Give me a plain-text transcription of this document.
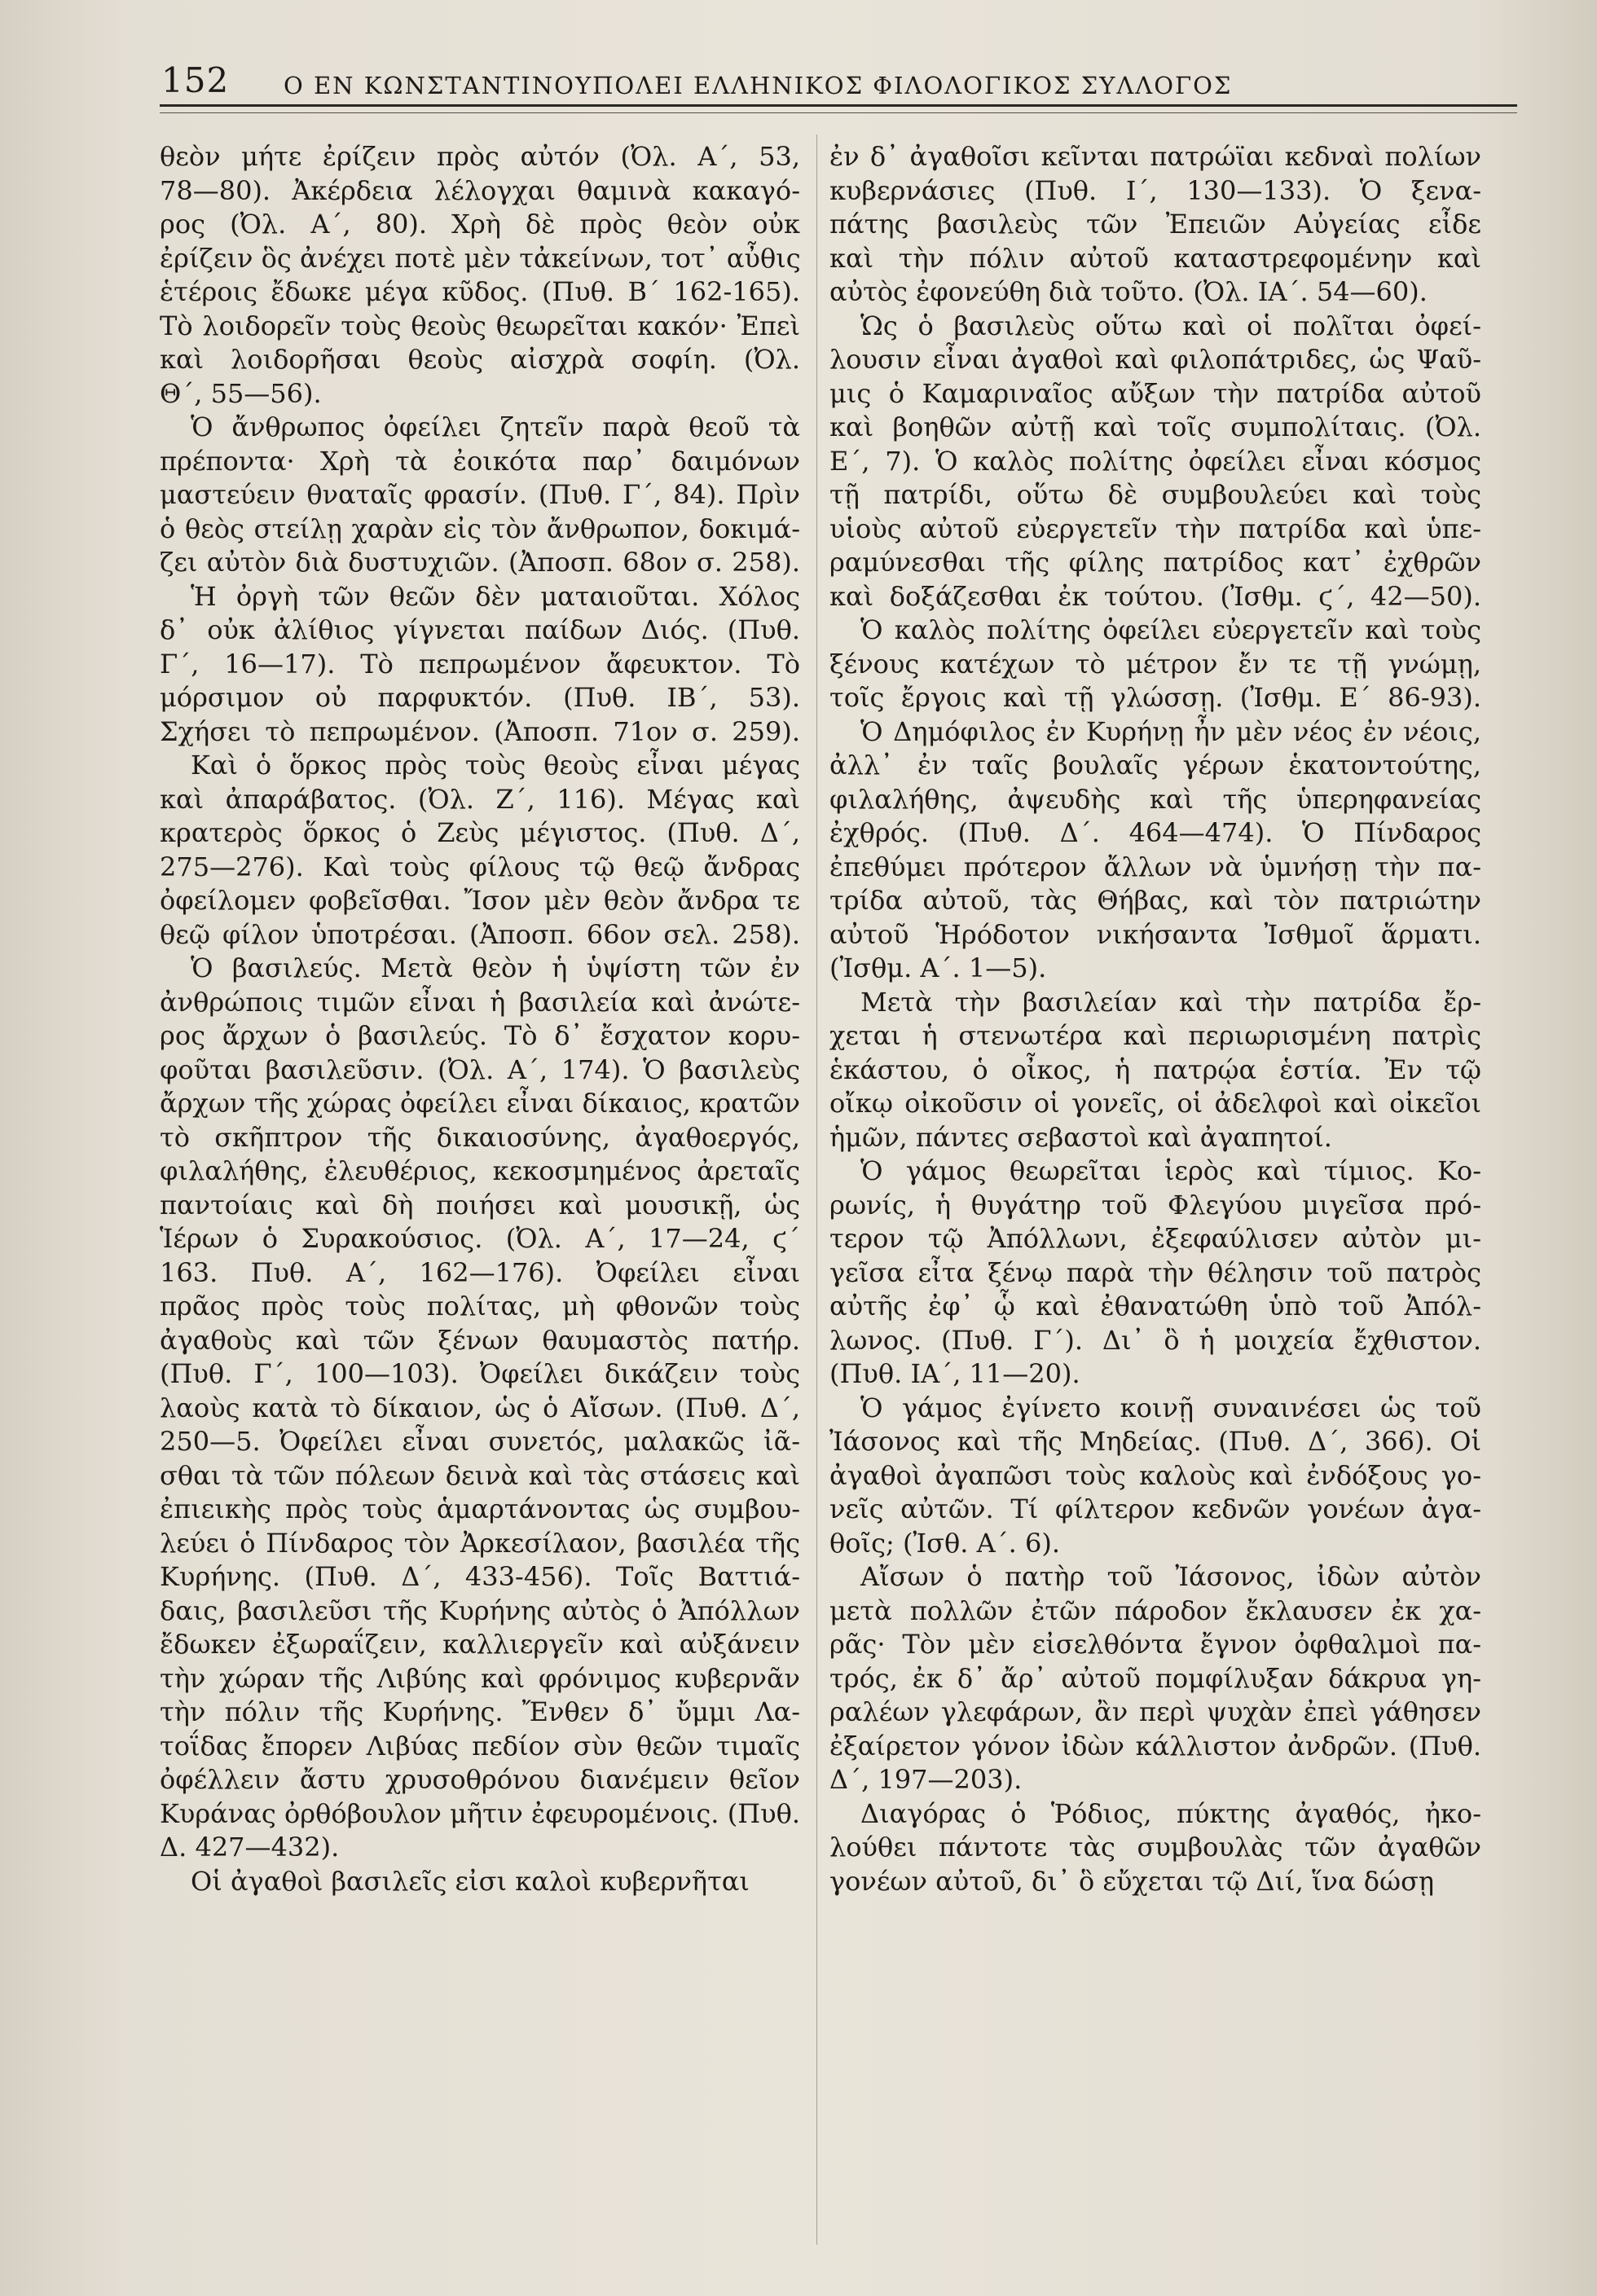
152 Ο ΕΝ ΚΩΝΣΤΑΝΤΙΝΟΥΠΟΛΕΙ ΕΛΛΗΝΙΚΟΣ ΦΙΛΟΛΟΓΙΚΟΣ ΣΥΛΛΟΓΟΣ
θεὸν μήτε ἐρίζειν πρὸς αὐτόν (Ὀλ. Α΄, 53,
78—80). Ἀκέρδεια λέλογχαι θαμινὰ κακαγό-
ρος (Ὀλ. Α΄, 80). Χρὴ δὲ πρὸς θεὸν οὐκ
ἐρίζειν ὃς ἀνέχει ποτὲ μὲν τἀκείνων, τοτ᾽ αὖθις
ἑτέροις ἔδωκε μέγα κῦδος. (Πυθ. Β΄ 162-165).
Τὸ λοιδορεῖν τοὺς θεοὺς θεωρεῖται κακόν· Ἐπεὶ
καὶ λοιδορῆσαι θεοὺς αἰσχρὰ σοφίη. (Ὀλ.
Θ΄, 55—56).
Ὁ ἄνθρωπος ὀφείλει ζητεῖν παρὰ θεοῦ τὰ
πρέποντα· Χρὴ τὰ ἐοικότα παρ᾽ δαιμόνων
μαστεύειν θναταῖς φρασίν. (Πυθ. Γ΄, 84). Πρὶν
ὁ θεὸς στείλῃ χαρὰν εἰς τὸν ἄνθρωπον, δοκιμά-
ζει αὐτὸν διὰ δυστυχιῶν. (Ἀποσπ. 68ον σ. 258).
Ἡ ὀργὴ τῶν θεῶν δὲν ματαιοῦται. Χόλος
δ᾽ οὐκ ἀλίθιος γίγνεται παίδων Διός. (Πυθ.
Γ΄, 16—17). Τὸ πεπρωμένον ἄφευκτον. Τὸ
μόρσιμον οὐ παρφυκτόν. (Πυθ. ΙΒ΄, 53).
Σχήσει τὸ πεπρωμένον. (Ἀποσπ. 71ον σ. 259).
Καὶ ὁ ὅρκος πρὸς τοὺς θεοὺς εἶναι μέγας
καὶ ἀπαράβατος. (Ὀλ. Ζ΄, 116). Μέγας καὶ
κρατερὸς ὅρκος ὁ Ζεὺς μέγιστος. (Πυθ. Δ΄,
275—276). Καὶ τοὺς φίλους τῷ θεῷ ἄνδρας
ὀφείλομεν φοβεῖσθαι. Ἴσον μὲν θεὸν ἄνδρα τε
θεῷ φίλον ὑποτρέσαι. (Ἀποσπ. 66ον σελ. 258).
Ὁ βασιλεύς. Μετὰ θεὸν ἡ ὑψίστη τῶν ἐν
ἀνθρώποις τιμῶν εἶναι ἡ βασιλεία καὶ ἀνώτε-
ρος ἄρχων ὁ βασιλεύς. Τὸ δ᾽ ἔσχατον κορυ-
φοῦται βασιλεῦσιν. (Ὀλ. Α΄, 174). Ὁ βασιλεὺς
ἄρχων τῆς χώρας ὀφείλει εἶναι δίκαιος, κρατῶν
τὸ σκῆπτρον τῆς δικαιοσύνης, ἀγαθοεργός,
φιλαλήθης, ἐλευθέριος, κεκοσμημένος ἀρεταῖς
παντοίαις καὶ δὴ ποιήσει καὶ μουσικῇ, ὡς
Ἱέρων ὁ Συρακούσιος. (Ὀλ. Α΄, 17—24, ϛ΄
163. Πυθ. Α΄, 162—176). Ὀφείλει εἶναι
πρᾶος πρὸς τοὺς πολίτας, μὴ φθονῶν τοὺς
ἀγαθοὺς καὶ τῶν ξένων θαυμαστὸς πατήρ.
(Πυθ. Γ΄, 100—103). Ὀφείλει δικάζειν τοὺς
λαοὺς κατὰ τὸ δίκαιον, ὡς ὁ Αἴσων. (Πυθ. Δ΄,
250—5. Ὀφείλει εἶναι συνετός, μαλακῶς ἰᾶ-
σθαι τὰ τῶν πόλεων δεινὰ καὶ τὰς στάσεις καὶ
ἐπιεικὴς πρὸς τοὺς ἁμαρτάνοντας ὡς συμβου-
λεύει ὁ Πίνδαρος τὸν Ἀρκεσίλαον, βασιλέα τῆς
Κυρήνης. (Πυθ. Δ΄, 433-456). Τοῖς Βαττιά-
δαις, βασιλεῦσι τῆς Κυρήνης αὐτὸς ὁ Ἀπόλλων
ἔδωκεν ἐξωραΐζειν, καλλιεργεῖν καὶ αὐξάνειν
τὴν χώραν τῆς Λιβύης καὶ φρόνιμος κυβερνᾶν
τὴν πόλιν τῆς Κυρήνης. Ἔνθεν δ᾽ ὔμμι Λα-
τοΐδας ἔπορεν Λιβύας πεδίον σὺν θεῶν τιμαῖς
ὀφέλλειν ἄστυ χρυσοθρόνου διανέμειν θεῖον
Κυράνας ὀρθόβουλον μῆτιν ἐφευρομένοις. (Πυθ.
Δ. 427—432).
Οἱ ἀγαθοὶ βασιλεῖς εἰσι καλοὶ κυβερνῆται
ἐν δ᾽ ἀγαθοῖσι κεῖνται πατρώϊαι κεδναὶ πολίων
κυβερνάσιες (Πυθ. Ι΄, 130—133). Ὁ ξενα-
πάτης βασιλεὺς τῶν Ἐπειῶν Αὐγείας εἶδε
καὶ τὴν πόλιν αὐτοῦ καταστρεφομένην καὶ
αὐτὸς ἐφονεύθη διὰ τοῦτο. (Ὀλ. ΙΑ΄. 54—60).
Ὡς ὁ βασιλεὺς οὕτω καὶ οἱ πολῖται ὀφεί-
λουσιν εἶναι ἀγαθοὶ καὶ φιλοπάτριδες, ὡς Ψαῦ-
μις ὁ Καμαριναῖος αὔξων τὴν πατρίδα αὐτοῦ
καὶ βοηθῶν αὐτῇ καὶ τοῖς συμπολίταις. (Ὀλ.
Ε΄, 7). Ὁ καλὸς πολίτης ὀφείλει εἶναι κόσμος
τῇ πατρίδι, οὕτω δὲ συμβουλεύει καὶ τοὺς
υἱοὺς αὐτοῦ εὐεργετεῖν τὴν πατρίδα καὶ ὑπε-
ραμύνεσθαι τῆς φίλης πατρίδος κατ᾽ ἐχθρῶν
καὶ δοξάζεσθαι ἐκ τούτου. (Ἰσθμ. ϛ΄, 42—50).
Ὁ καλὸς πολίτης ὀφείλει εὐεργετεῖν καὶ τοὺς
ξένους κατέχων τὸ μέτρον ἔν τε τῇ γνώμῃ,
τοῖς ἔργοις καὶ τῇ γλώσσῃ. (Ἰσθμ. Ε΄ 86-93).
Ὁ Δημόφιλος ἐν Κυρήνῃ ἦν μὲν νέος ἐν νέοις,
ἀλλ᾽ ἐν ταῖς βουλαῖς γέρων ἑκατοντούτης,
φιλαλήθης, ἀψευδὴς καὶ τῆς ὑπερηφανείας
ἐχθρός. (Πυθ. Δ΄. 464—474). Ὁ Πίνδαρος
ἐπεθύμει πρότερον ἄλλων νὰ ὑμνήσῃ τὴν πα-
τρίδα αὐτοῦ, τὰς Θήβας, καὶ τὸν πατριώτην
αὐτοῦ Ἡρόδοτον νικήσαντα Ἰσθμοῖ ἅρματι.
(Ἰσθμ. Α΄. 1—5).
Μετὰ τὴν βασιλείαν καὶ τὴν πατρίδα ἔρ-
χεται ἡ στενωτέρα καὶ περιωρισμένη πατρὶς
ἑκάστου, ὁ οἶκος, ἡ πατρῴα ἑστία. Ἐν τῷ
οἴκῳ οἰκοῦσιν οἱ γονεῖς, οἱ ἀδελφοὶ καὶ οἰκεῖοι
ἡμῶν, πάντες σεβαστοὶ καὶ ἀγαπητοί.
Ὁ γάμος θεωρεῖται ἱερὸς καὶ τίμιος. Κο-
ρωνίς, ἡ θυγάτηρ τοῦ Φλεγύου μιγεῖσα πρό-
τερον τῷ Ἀπόλλωνι, ἐξεφαύλισεν αὐτὸν μι-
γεῖσα εἶτα ξένῳ παρὰ τὴν θέλησιν τοῦ πατρὸς
αὐτῆς ἐφ᾽ ᾧ καὶ ἐθανατώθη ὑπὸ τοῦ Ἀπόλ-
λωνος. (Πυθ. Γ΄). Δι᾽ ὃ ἡ μοιχεία ἔχθιστον.
(Πυθ. ΙΑ΄, 11—20).
Ὁ γάμος ἐγίνετο κοινῇ συναινέσει ὡς τοῦ
Ἰάσονος καὶ τῆς Μηδείας. (Πυθ. Δ΄, 366). Οἱ
ἀγαθοὶ ἀγαπῶσι τοὺς καλοὺς καὶ ἐνδόξους γο-
νεῖς αὐτῶν. Τί φίλτερον κεδνῶν γονέων ἀγα-
θοῖς; (Ἰσθ. Α΄. 6).
Αἴσων ὁ πατὴρ τοῦ Ἰάσονος, ἰδὼν αὐτὸν
μετὰ πολλῶν ἐτῶν πάροδον ἔκλαυσεν ἐκ χα-
ρᾶς· Τὸν μὲν εἰσελθόντα ἔγνον ὀφθαλμοὶ πα-
τρός, ἐκ δ᾽ ἄρ᾽ αὐτοῦ πομφίλυξαν δάκρυα γη-
ραλέων γλεφάρων, ἂν περὶ ψυχὰν ἐπεὶ γάθησεν
ἐξαίρετον γόνον ἰδὼν κάλλιστον ἀνδρῶν. (Πυθ.
Δ΄, 197—203).
Διαγόρας ὁ Ῥόδιος, πύκτης ἀγαθός, ἠκο-
λούθει πάντοτε τὰς συμβουλὰς τῶν ἀγαθῶν
γονέων αὐτοῦ, δι᾽ ὃ εὔχεται τῷ Διί, ἵνα δώσῃ
